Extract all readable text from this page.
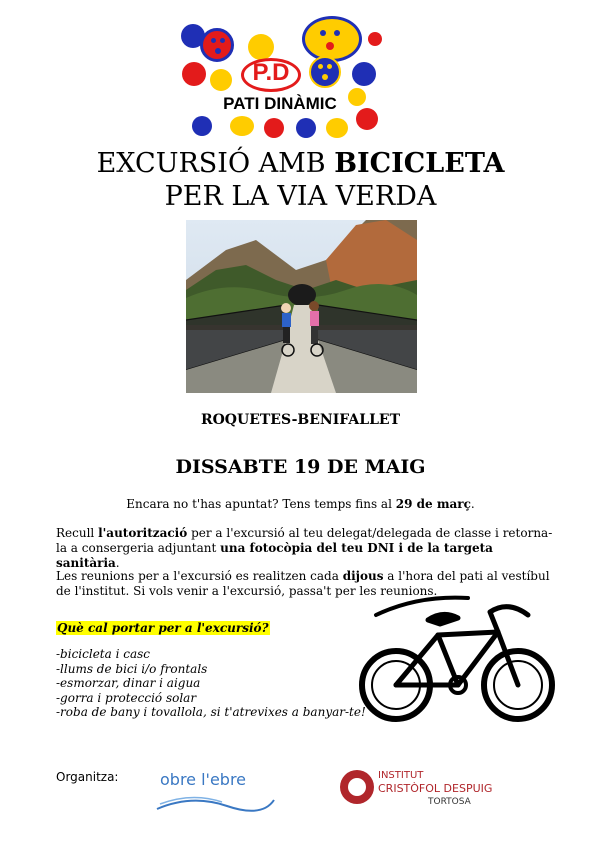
P.D
PATI DINÀMIC
EXCURSIÓ AMB BICICLETA
PER LA VIA VERDA
ROQUETES-BENIFALLET
DISSABTE 19 DE MAIG
Encara no t'has apuntat? Tens temps fins al 29 de març.
Recull l'autorització per a l'excursió al teu delegat/delegada de classe i retorna-la a consergeria adjuntant una fotocòpia del teu DNI i de la targeta sanitària.
Les reunions per a l'excursió es realitzen cada dijous a l'hora del pati al vestíbul de l'institut. Si vols venir a l'excursió, passa't per les reunions.
Què cal portar per a l'excursió?
-bicicleta i casc
-llums de bici i/o frontals
-esmorzar, dinar i aigua
-gorra i protecció solar
-roba de bany i tovallola, si t'atrevixes a banyar-te!
Organitza:	obre l'ebre	INSTITUT
CRISTÒFOL DESPUIG
TORTOSA
